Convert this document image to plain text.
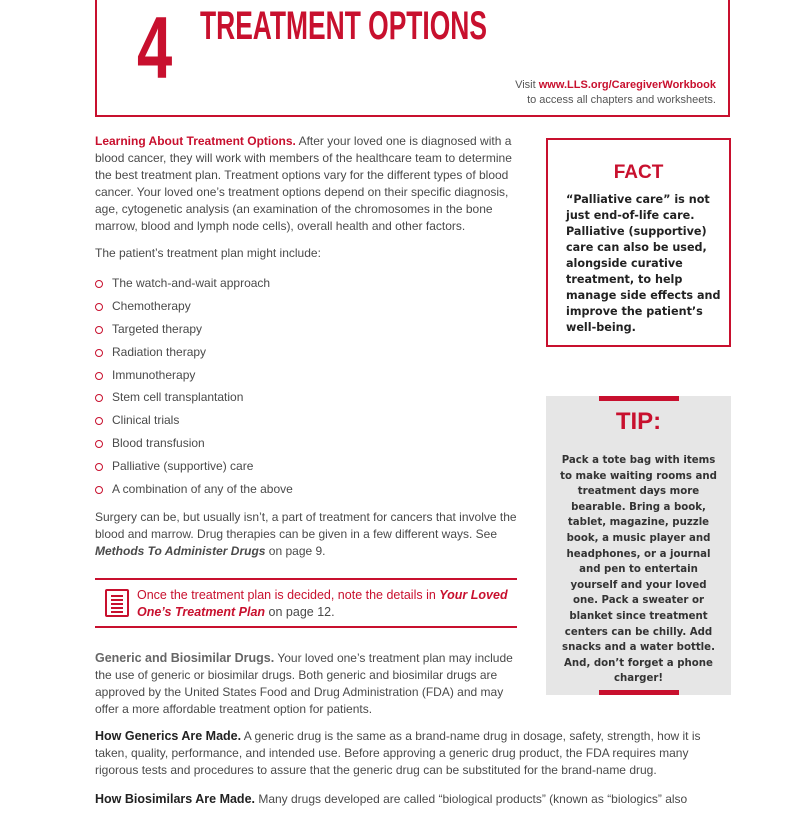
4 TREATMENT OPTIONS
Visit www.LLS.org/CaregiverWorkbook
to access all chapters and worksheets.

Learning About Treatment Options. After your loved one is diagnosed with a blood cancer, they will work with members of the healthcare team to determine the best treatment plan. Treatment options vary for the different types of blood cancer. Your loved one’s treatment options depend on their specific diagnosis, age, cytogenetic analysis (an examination of the chromosomes in the bone marrow, blood and lymph node cells), overall health and other factors.

The patient’s treatment plan might include:

The watch-and-wait approach
Chemotherapy
Targeted therapy
Radiation therapy
Immunotherapy
Stem cell transplantation
Clinical trials
Blood transfusion
Palliative (supportive) care
A combination of any of the above

Surgery can be, but usually isn’t, a part of treatment for cancers that involve the blood and marrow. Drug therapies can be given in a few different ways. See Methods To Administer Drugs on page 9.

Once the treatment plan is decided, note the details in Your Loved One’s Treatment Plan on page 12.
Generic and Biosimilar Drugs. Your loved one’s treatment plan may include the use of generic or biosimilar drugs. Both generic and biosimilar drugs are approved by the United States Food and Drug Administration (FDA) and may offer a more affordable treatment option for patients.

How Generics Are Made. A generic drug is the same as a brand-name drug in dosage, safety, strength, how it is taken, quality, performance, and intended use. Before approving a generic drug product, the FDA requires many rigorous tests and procedures to assure that the generic drug can be substituted for the brand-name drug.

How Biosimilars Are Made. Many drugs developed are called “biological products” (known as “biologics” also

FACT
“Palliative care” is not just end-of-life care. Palliative (supportive) care can also be used, alongside curative treatment, to help manage side effects and improve the patient’s well-being.
TIP:
Pack a tote bag with items to make waiting rooms and treatment days more bearable. Bring a book, tablet, magazine, puzzle book, a music player and headphones, or a journal and pen to entertain yourself and your loved one. Pack a sweater or blanket since treatment centers can be chilly. Add snacks and a water bottle. And, don’t forget a phone charger!
